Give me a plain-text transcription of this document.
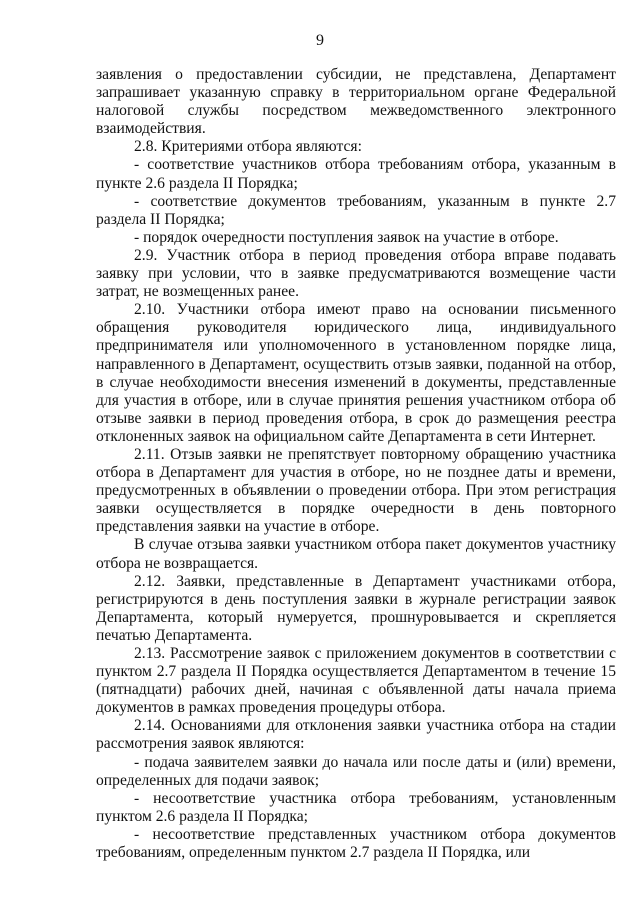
9

заявления о предоставлении субсидии, не представлена, Департамент запрашивает указанную справку в территориальном органе Федеральной налоговой службы посредством межведомственного электронного взаимодействия.

2.8. Критериями отбора являются:

- соответствие участников отбора требованиям отбора, указанным в пункте 2.6 раздела II Порядка;

- соответствие документов требованиям, указанным в пункте 2.7 раздела II Порядка;

- порядок очередности поступления заявок на участие в отборе.

2.9. Участник отбора в период проведения отбора вправе подавать заявку при условии, что в заявке предусматриваются возмещение части затрат, не возмещенных ранее.

2.10. Участники отбора имеют право на основании письменного обращения руководителя юридического лица, индивидуального предпринимателя или уполномоченного в установленном порядке лица, направленного в Департамент, осуществить отзыв заявки, поданной на отбор, в случае необходимости внесения изменений в документы, представленные для участия в отборе, или в случае принятия решения участником отбора об отзыве заявки в период проведения отбора, в срок до размещения реестра отклоненных заявок на официальном сайте Департамента в сети Интернет.

2.11. Отзыв заявки не препятствует повторному обращению участника отбора в Департамент для участия в отборе, но не позднее даты и времени, предусмотренных в объявлении о проведении отбора. При этом регистрация заявки осуществляется в порядке очередности в день повторного представления заявки на участие в отборе.

В случае отзыва заявки участником отбора пакет документов участнику отбора не возвращается.

2.12. Заявки, представленные в Департамент участниками отбора, регистрируются в день поступления заявки в журнале регистрации заявок Департамента, который нумеруется, прошнуровывается и скрепляется печатью Департамента.

2.13. Рассмотрение заявок с приложением документов в соответствии с пунктом 2.7 раздела II Порядка осуществляется Департаментом в течение 15 (пятнадцати) рабочих дней, начиная с объявленной даты начала приема документов в рамках проведения процедуры отбора.

2.14. Основаниями для отклонения заявки участника отбора на стадии рассмотрения заявок являются:

- подача заявителем заявки до начала или после даты и (или) времени, определенных для подачи заявок;

- несоответствие участника отбора требованиям, установленным пунктом 2.6 раздела II Порядка;

- несоответствие представленных участником отбора документов требованиям, определенным пунктом 2.7 раздела II Порядка, или
